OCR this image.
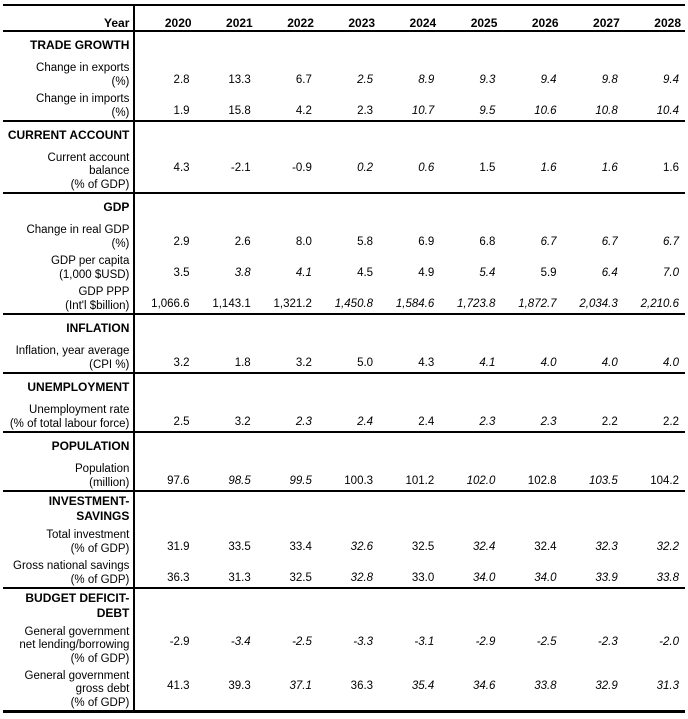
Year	2020	2021	2022	2023	2024	2025	2026	2027	2028
TRADE GROWTH									
Change in exports
(%)	2.8	13.3	6.7	2.5	8.9	9.3	9.4	9.8	9.4
Change in imports
(%)	1.9	15.8	4.2	2.3	10.7	9.5	10.6	10.8	10.4
CURRENT ACCOUNT									
Current account
balance
(% of GDP)	4.3	-2.1	-0.9	0.2	0.6	1.5	1.6	1.6	1.6
GDP									
Change in real GDP
(%)	2.9	2.6	8.0	5.8	6.9	6.8	6.7	6.7	6.7
GDP per capita
(1,000 $USD)	3.5	3.8	4.1	4.5	4.9	5.4	5.9	6.4	7.0
GDP PPP
(Int'l $billion)	1,066.6	1,143.1	1,321.2	1,450.8	1,584.6	1,723.8	1,872.7	2,034.3	2,210.6
INFLATION									
Inflation, year average
(CPI %)	3.2	1.8	3.2	5.0	4.3	4.1	4.0	4.0	4.0
UNEMPLOYMENT									
Unemployment rate
(% of total labour force)	2.5	3.2	2.3	2.4	2.4	2.3	2.3	2.2	2.2
POPULATION									
Population
(million)	97.6	98.5	99.5	100.3	101.2	102.0	102.8	103.5	104.2
INVESTMENT-
SAVINGS									
Total investment
(% of GDP)	31.9	33.5	33.4	32.6	32.5	32.4	32.4	32.3	32.2
Gross national savings
(% of GDP)	36.3	31.3	32.5	32.8	33.0	34.0	34.0	33.9	33.8
BUDGET DEFICIT-
DEBT									
General government
net lending/borrowing
(% of GDP)	-2.9	-3.4	-2.5	-3.3	-3.1	-2.9	-2.5	-2.3	-2.0
General government
gross debt
(% of GDP)	41.3	39.3	37.1	36.3	35.4	34.6	33.8	32.9	31.3
